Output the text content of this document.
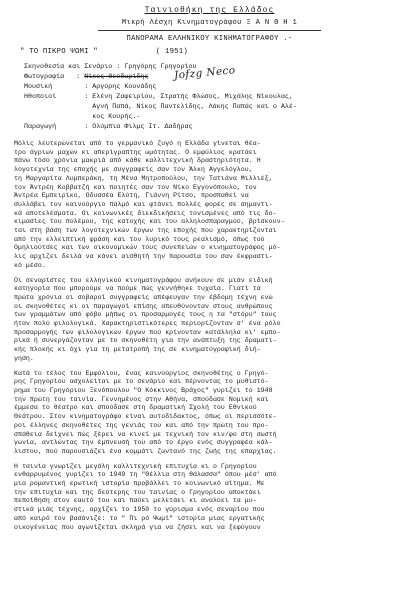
Ταινιοθήκη της Ελλάδος
Μικρή Λέσχη Κινηματογράφου Ξ Α Ν Θ Η 1
ΠΑΝΟΡΑΜΑ ΕΛΛΗΝΙΚΟΥ ΚΙΝΗΜΑΤΟΓΡΑΦΟΥ .-
" ΤΟ ΠΙΚΡΟ ΨΩΜΙ "	( 1951)
Σκηνοθεσία και Σενάριο : Γρηγόρης Γρηγορίου
Φωτογραφία   : Νίκος Θεοδωρίδης
Μουσική        : Αργύρης Κουνάδης
Ηθοποιοί       : Ελένη Ζαφειρίου, Στρατής Φλώσος, Μιχάλης Νίκουλας,
Αγνή Παπά, Νίκος Παντελίδης, Λάκης Παπάς και ο Αλέ-
κος Κουρής.-
Παραγωγή       : Ολύμπια Φιλμς Ιτ. Δαδήρας
Jofzg Neco
Μόλις λευτερώνεται από το γερμανικό ζυγό η Ελλάδα γίνεται θέα-
τρο άγριων μαχών κι απερίγραπτης ωμότητας. Ο εμφύλιος κρατάει
πάνω τόσο χρόνια μακριά από κάθε καλλιτεχνική δραστηριότητα. Η
λογοτεχνία της εποχής με συγγραφείς σαν τον Άλκη Αγγελόγλου,
τη Μαργαρίτα Λυμπεράκη, τη Μένα Μητροπούλου, την Τατιάνα Μιλλιέξ,
τον Άντρέη Κοββατζή και ποιητές σαν τον Νίκο Εγγονόπουλο, τον
Άντρέα Εμπειρίκο, Οδυσσέα Ελύτη, Γιάννη Ρίτσο, προσπαθεί να
συλλάβει τον καινούργιο παλμό και φτάνει πολλές φορές σε σημαντι-
κά αποτελέσματα. Οι κοινωνικές διεκδικήσεις τονισμένες από τις δο-
κιμασίες του πολέμου, της κατοχής και του αλληλοσπαραγμού, βρίσκουν-
ται στη βάση των λογοτεχνικών έργων της εποχής που χαρακτηρίζονται
από την ελλειπτική φράση και τον λυρικό τους ρεαλισμό, όπως τού
Ομηλιούτσες και των οικονομικών τους συνεπειών ο κινηματογράφος μό-
λις αρχίζει δειλά να κάνει αισθητή την παρουσία του σαν έκφραστι-
κό μέσο.
Οι σεναρίστες του ελληνικού κινηματογράφου ανήκουν σε μιάν ειδική
κατηγορία που μπορούμε να πούμε πώς γεννήθηκε τυχαία. Γιατί τα
πρώτα χρόνια οι σοβαροί συγγραφείς απέφευγαν την έβδομη τέχνη ενώ
οι σκηνοθέτες κι οι παραγωγοί επίσης απευθύνονταν στους ανθρώπους
των γραμμάτων από φόβο μήπως οι προσαρμογές τους η τα "στόρυ" τους
ήταν πολύ φιλολογικά. Χαρακτηριστικότερες περιορίζονταν σ' ένα ρόλο
προσαρμογής των φιλολογικών έργων πού κρίνονταν κατάλληλα κι' εμπο-
ρικά ή συνεργάζονταν με το σκηνοθέτη για την ανάπτυξη της δραματι-
κής πλοκής κι όχι για τη μετατροπή της σε κινηματογραφική διή-
γηση.
Κατά το τέλος του Εμφύλιου, ένας καινούργιος σκηνοθέτης ο Γρηγό-
ρης Γρηγορίου ασχολείται με το σενάριο και πέρνοντας το μυθιστό-
ρημα του Γρηγόριου Ξενόπουλου "Ο Κόκκινος Βράχος" γυρίζει το 1948
την πρώτη του ταινία. Γεννημένος στην Αθήνα, σπούδασε Νομική και
έμμεσα το θέατρο και σπούδασε στη δραματική Σχολή του Εθνικού
Θεάτρου. Στον κινηματογράφο είναι αυτοδίδακτος, όπως οι περισσότε-
ροι έλληνες σκηνοθέτες της γενιάς του και από την πρώτη του προ-
σπάθεια δείχνει πώς ξέρει να κινεί με τεχνική τον κιν/φο στη σωστή
γωνία, αντλώντας την έμπνευσή του από το έργο ενός συγγραφέα κάλ-
λιστου, πού παρουσιάζει ένα κομμάτι ζωντανό της ζωής της επαρχίας.
Η ταινία γνωρίζει μεγάλη καλλιτεχνική επιτυχία κι ο Γρηγορίου
ενθαρρυμένος γυρίζει το 1949 τη "Θέλλια στη θάλασσα" όπου μέσ' από
μια ρομαντική ερωτική ιστορία προβάλλει το κοινωνικό αίτημα. Με
την επιτυχία και της δεύτερης του ταινίας ο Γρηγορίου αποκτάει
πεποίθηση στον εαυτό του και παύει μελετάει κι αναλύει τα μυ-
στικά μιάς τέχνης, αρχίζει το 1950 το γύρισμα ενός σεναρίου που
από καιρό τον βασάνιζε: το " Πι ρό Ψωμί" ιστορία μιας εργατικής
οικογένειας που αγωνίζεται σκληρά για να ζήσει και να ξεφύγουν
